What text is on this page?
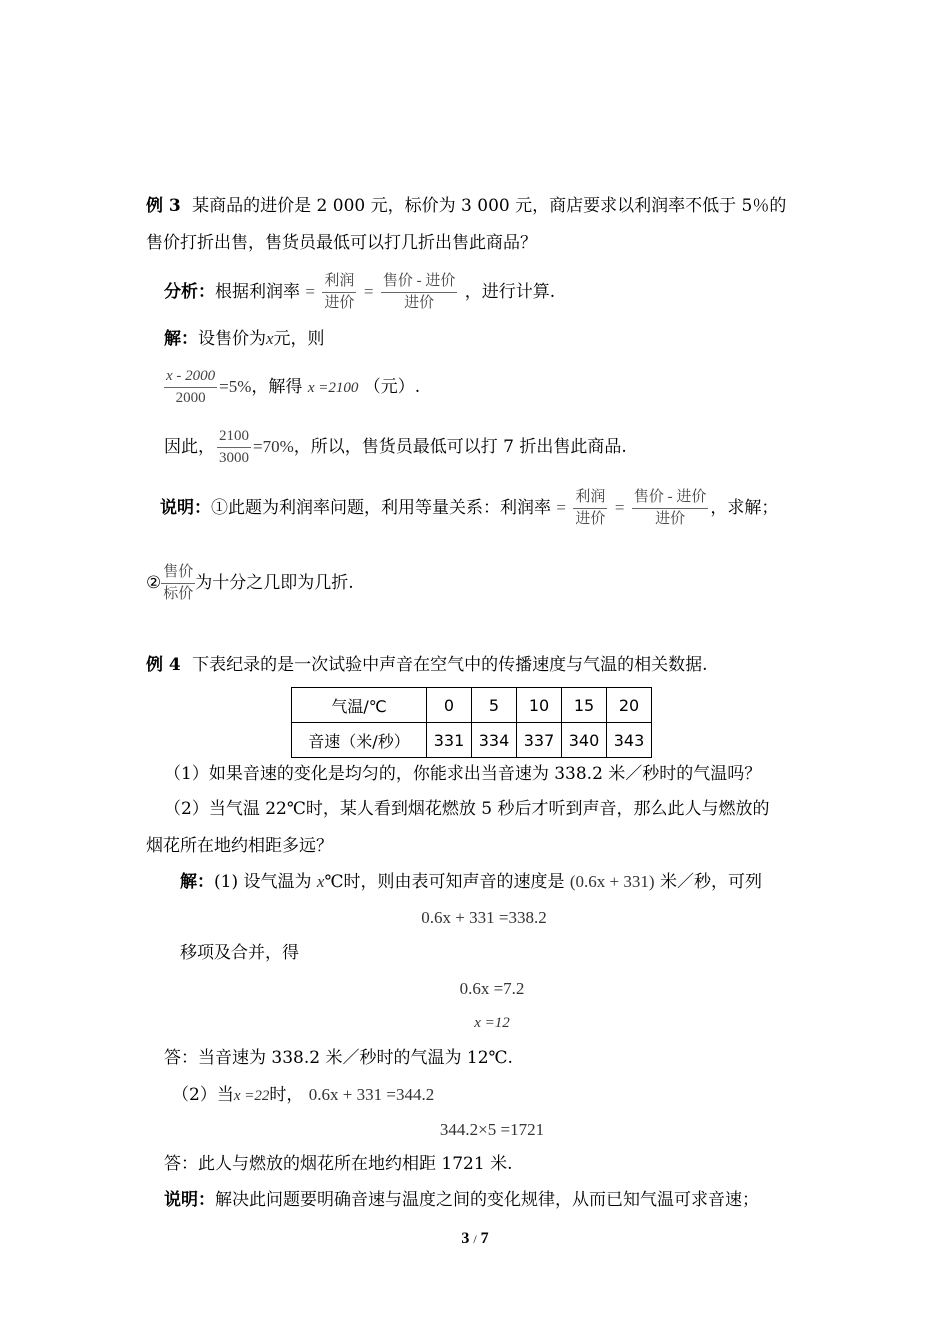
例 3 某商品的进价是 2 000 元，标价为 3 000 元，商店要求以利润率不低于 5％的
售价打折出售，售货员最低可以打几折出售此商品？
分析：根据利润率 = $\frac{\text{利润}}{\text{进价}} = \frac{\text{售价 - 进价}}{\text{进价}}$ ，进行计算.
解：设售价为x元，则
$\frac{x - 2000}{2000} =5\%$，解得 x =2100 （元）.
因此， $\frac{2100}{3000} =70\%$，所以，售货员最低可以打 7 折出售此商品.
说明：①此题为利润率问题，利用等量关系：利润率 = $\frac{\text{利润}}{\text{进价}} = \frac{\text{售价 - 进价}}{\text{进价}}$ ，求解；
② $\frac{\text{售价}}{\text{标价}}$ 为十分之几即为几折.
例 4 下表纪录的是一次试验中声音在空气中的传播速度与气温的相关数据.
气温/℃	0	5	10	15	20
音速（米/秒）	331	334	337	340	343
（1）如果音速的变化是均匀的，你能求出当音速为 338.2 米／秒时的气温吗？
（2）当气温 22℃时，某人看到烟花燃放 5 秒后才听到声音，那么此人与燃放的
烟花所在地约相距多远？
解：(1) 设气温为 x℃时，则由表可知声音的速度是 (0.6x + 331) 米／秒，可列
0.6x + 331 =338.2
移项及合并，得
0.6x =7.2
x =12
答：当音速为 338.2 米／秒时的气温为 12℃.
（2）当x =22时， 0.6x + 331 =344.2
344.2×5 =1721
答：此人与燃放的烟花所在地约相距 1721 米.
说明：解决此问题要明确音速与温度之间的变化规律，从而已知气温可求音速；
3 / 7
